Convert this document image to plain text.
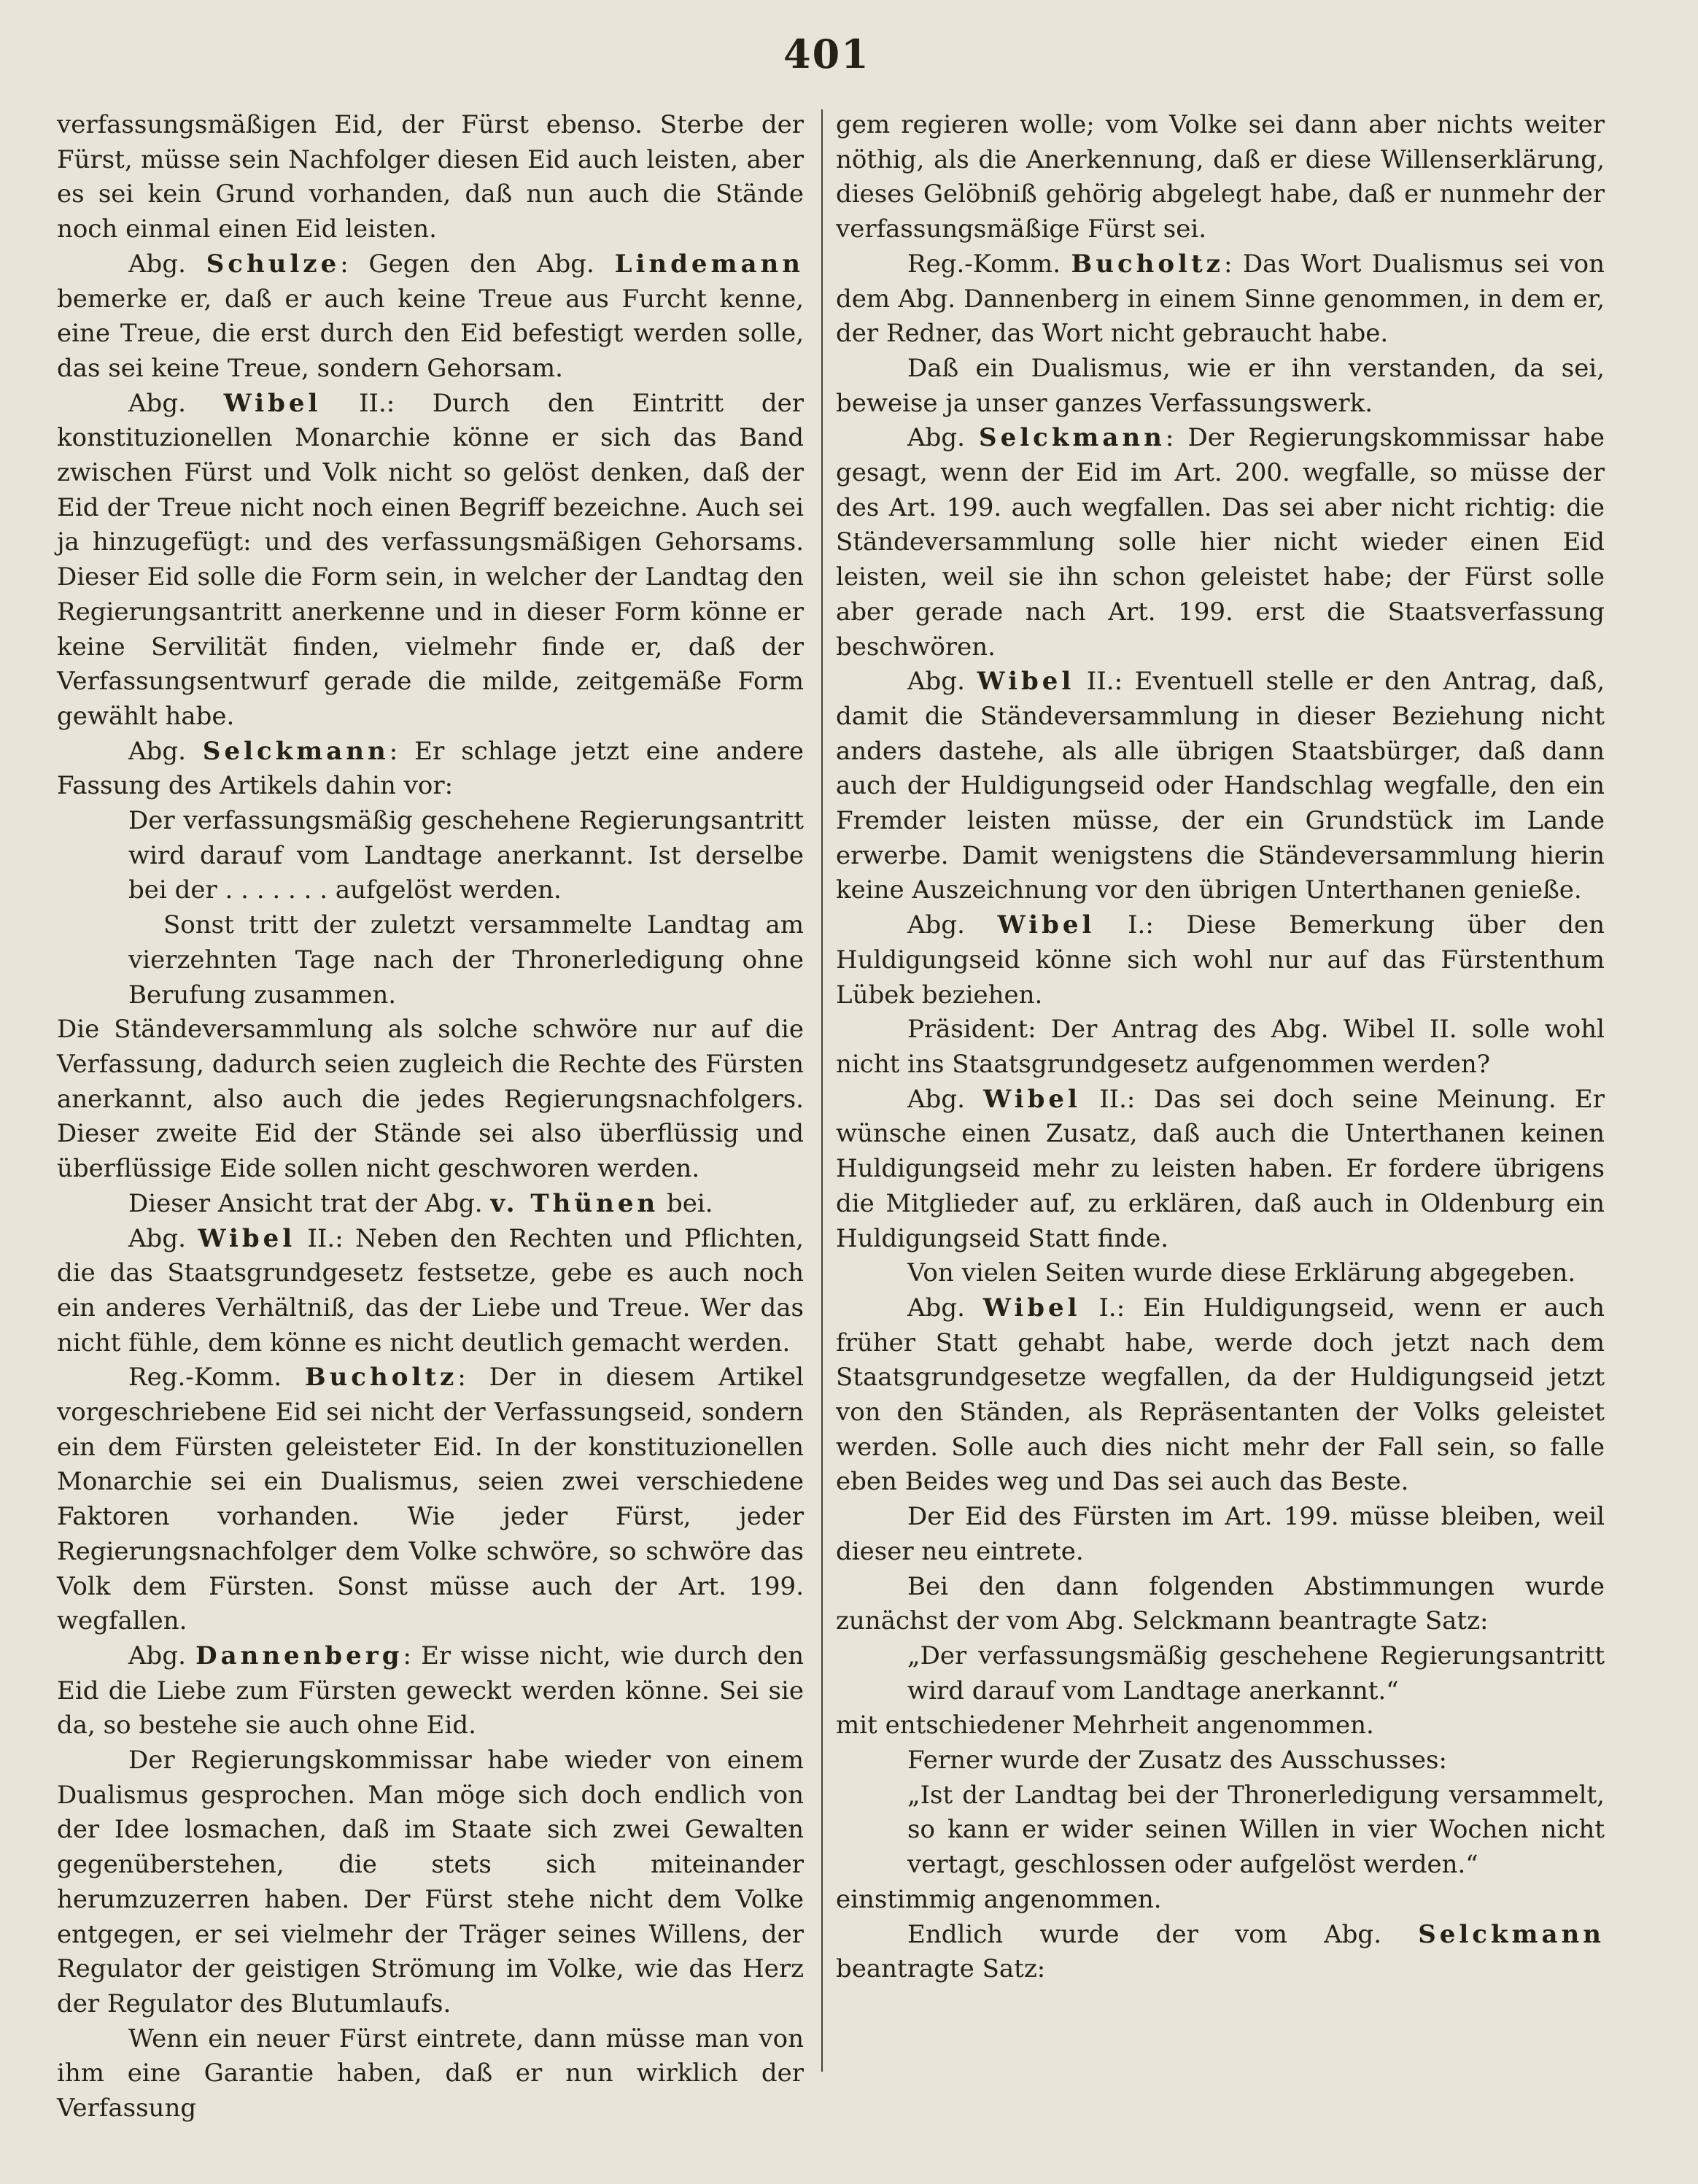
401

verfassungsmäßigen Eid, der Fürst ebenso. Sterbe der Fürst, müsse sein Nachfolger diesen Eid auch leisten, aber es sei kein Grund vorhanden, daß nun auch die Stände noch einmal einen Eid leisten.

Abg. Schulze: Gegen den Abg. Lindemann bemerke er, daß er auch keine Treue aus Furcht kenne, eine Treue, die erst durch den Eid befestigt werden solle, das sei keine Treue, sondern Gehorsam.

Abg. Wibel II.: Durch den Eintritt der konstituzionellen Monarchie könne er sich das Band zwischen Fürst und Volk nicht so gelöst denken, daß der Eid der Treue nicht noch einen Begriff bezeichne. Auch sei ja hinzugefügt: und des verfassungsmäßigen Gehorsams. Dieser Eid solle die Form sein, in welcher der Landtag den Regierungsantritt anerkenne und in dieser Form könne er keine Servilität finden, vielmehr finde er, daß der Verfassungsentwurf gerade die milde, zeitgemäße Form gewählt habe.

Abg. Selckmann: Er schlage jetzt eine andere Fassung des Artikels dahin vor:

Der verfassungsmäßig geschehene Regierungsantritt wird darauf vom Landtage anerkannt. Ist derselbe bei der . . . . . . . aufgelöst werden.

Sonst tritt der zuletzt versammelte Landtag am vierzehnten Tage nach der Thronerledigung ohne Berufung zusammen.

Die Ständeversammlung als solche schwöre nur auf die Verfassung, dadurch seien zugleich die Rechte des Fürsten anerkannt, also auch die jedes Regierungsnachfolgers. Dieser zweite Eid der Stände sei also überflüssig und überflüssige Eide sollen nicht geschworen werden.

Dieser Ansicht trat der Abg. v. Thünen bei.

Abg. Wibel II.: Neben den Rechten und Pflichten, die das Staatsgrundgesetz festsetze, gebe es auch noch ein anderes Verhältniß, das der Liebe und Treue. Wer das nicht fühle, dem könne es nicht deutlich gemacht werden.

Reg.-Komm. Bucholtz: Der in diesem Artikel vorgeschriebene Eid sei nicht der Verfassungseid, sondern ein dem Fürsten geleisteter Eid. In der konstituzionellen Monarchie sei ein Dualismus, seien zwei verschiedene Faktoren vorhanden. Wie jeder Fürst, jeder Regierungsnachfolger dem Volke schwöre, so schwöre das Volk dem Fürsten. Sonst müsse auch der Art. 199. wegfallen.

Abg. Dannenberg: Er wisse nicht, wie durch den Eid die Liebe zum Fürsten geweckt werden könne. Sei sie da, so bestehe sie auch ohne Eid.

Der Regierungskommissar habe wieder von einem Dualismus gesprochen. Man möge sich doch endlich von der Idee losmachen, daß im Staate sich zwei Gewalten gegenüberstehen, die stets sich miteinander herumzuzerren haben. Der Fürst stehe nicht dem Volke entgegen, er sei vielmehr der Träger seines Willens, der Regulator der geistigen Strömung im Volke, wie das Herz der Regulator des Blutumlaufs.

Wenn ein neuer Fürst eintrete, dann müsse man von ihm eine Garantie haben, daß er nun wirklich der Verfassung

gem regieren wolle; vom Volke sei dann aber nichts weiter nöthig, als die Anerkennung, daß er diese Willenserklärung, dieses Gelöbniß gehörig abgelegt habe, daß er nunmehr der verfassungsmäßige Fürst sei.

Reg.-Komm. Bucholtz: Das Wort Dualismus sei von dem Abg. Dannenberg in einem Sinne genommen, in dem er, der Redner, das Wort nicht gebraucht habe.

Daß ein Dualismus, wie er ihn verstanden, da sei, beweise ja unser ganzes Verfassungswerk.

Abg. Selckmann: Der Regierungskommissar habe gesagt, wenn der Eid im Art. 200. wegfalle, so müsse der des Art. 199. auch wegfallen. Das sei aber nicht richtig: die Ständeversammlung solle hier nicht wieder einen Eid leisten, weil sie ihn schon geleistet habe; der Fürst solle aber gerade nach Art. 199. erst die Staatsverfassung beschwören.

Abg. Wibel II.: Eventuell stelle er den Antrag, daß, damit die Ständeversammlung in dieser Beziehung nicht anders dastehe, als alle übrigen Staatsbürger, daß dann auch der Huldigungseid oder Handschlag wegfalle, den ein Fremder leisten müsse, der ein Grundstück im Lande erwerbe. Damit wenigstens die Ständeversammlung hierin keine Auszeichnung vor den übrigen Unterthanen genieße.

Abg. Wibel I.: Diese Bemerkung über den Huldigungseid könne sich wohl nur auf das Fürstenthum Lübek beziehen.

Präsident: Der Antrag des Abg. Wibel II. solle wohl nicht ins Staatsgrundgesetz aufgenommen werden?

Abg. Wibel II.: Das sei doch seine Meinung. Er wünsche einen Zusatz, daß auch die Unterthanen keinen Huldigungseid mehr zu leisten haben. Er fordere übrigens die Mitglieder auf, zu erklären, daß auch in Oldenburg ein Huldigungseid Statt finde.

Von vielen Seiten wurde diese Erklärung abgegeben.

Abg. Wibel I.: Ein Huldigungseid, wenn er auch früher Statt gehabt habe, werde doch jetzt nach dem Staatsgrundgesetze wegfallen, da der Huldigungseid jetzt von den Ständen, als Repräsentanten der Volks geleistet werden. Solle auch dies nicht mehr der Fall sein, so falle eben Beides weg und Das sei auch das Beste.

Der Eid des Fürsten im Art. 199. müsse bleiben, weil dieser neu eintrete.

Bei den dann folgenden Abstimmungen wurde zunächst der vom Abg. Selckmann beantragte Satz:

„Der verfassungsmäßig geschehene Regierungsantritt wird darauf vom Landtage anerkannt.“

mit entschiedener Mehrheit angenommen.

Ferner wurde der Zusatz des Ausschusses:

„Ist der Landtag bei der Thronerledigung versammelt, so kann er wider seinen Willen in vier Wochen nicht vertagt, geschlossen oder aufgelöst werden.“

einstimmig angenommen.

Endlich wurde der vom Abg. Selckmann beantragte Satz:
